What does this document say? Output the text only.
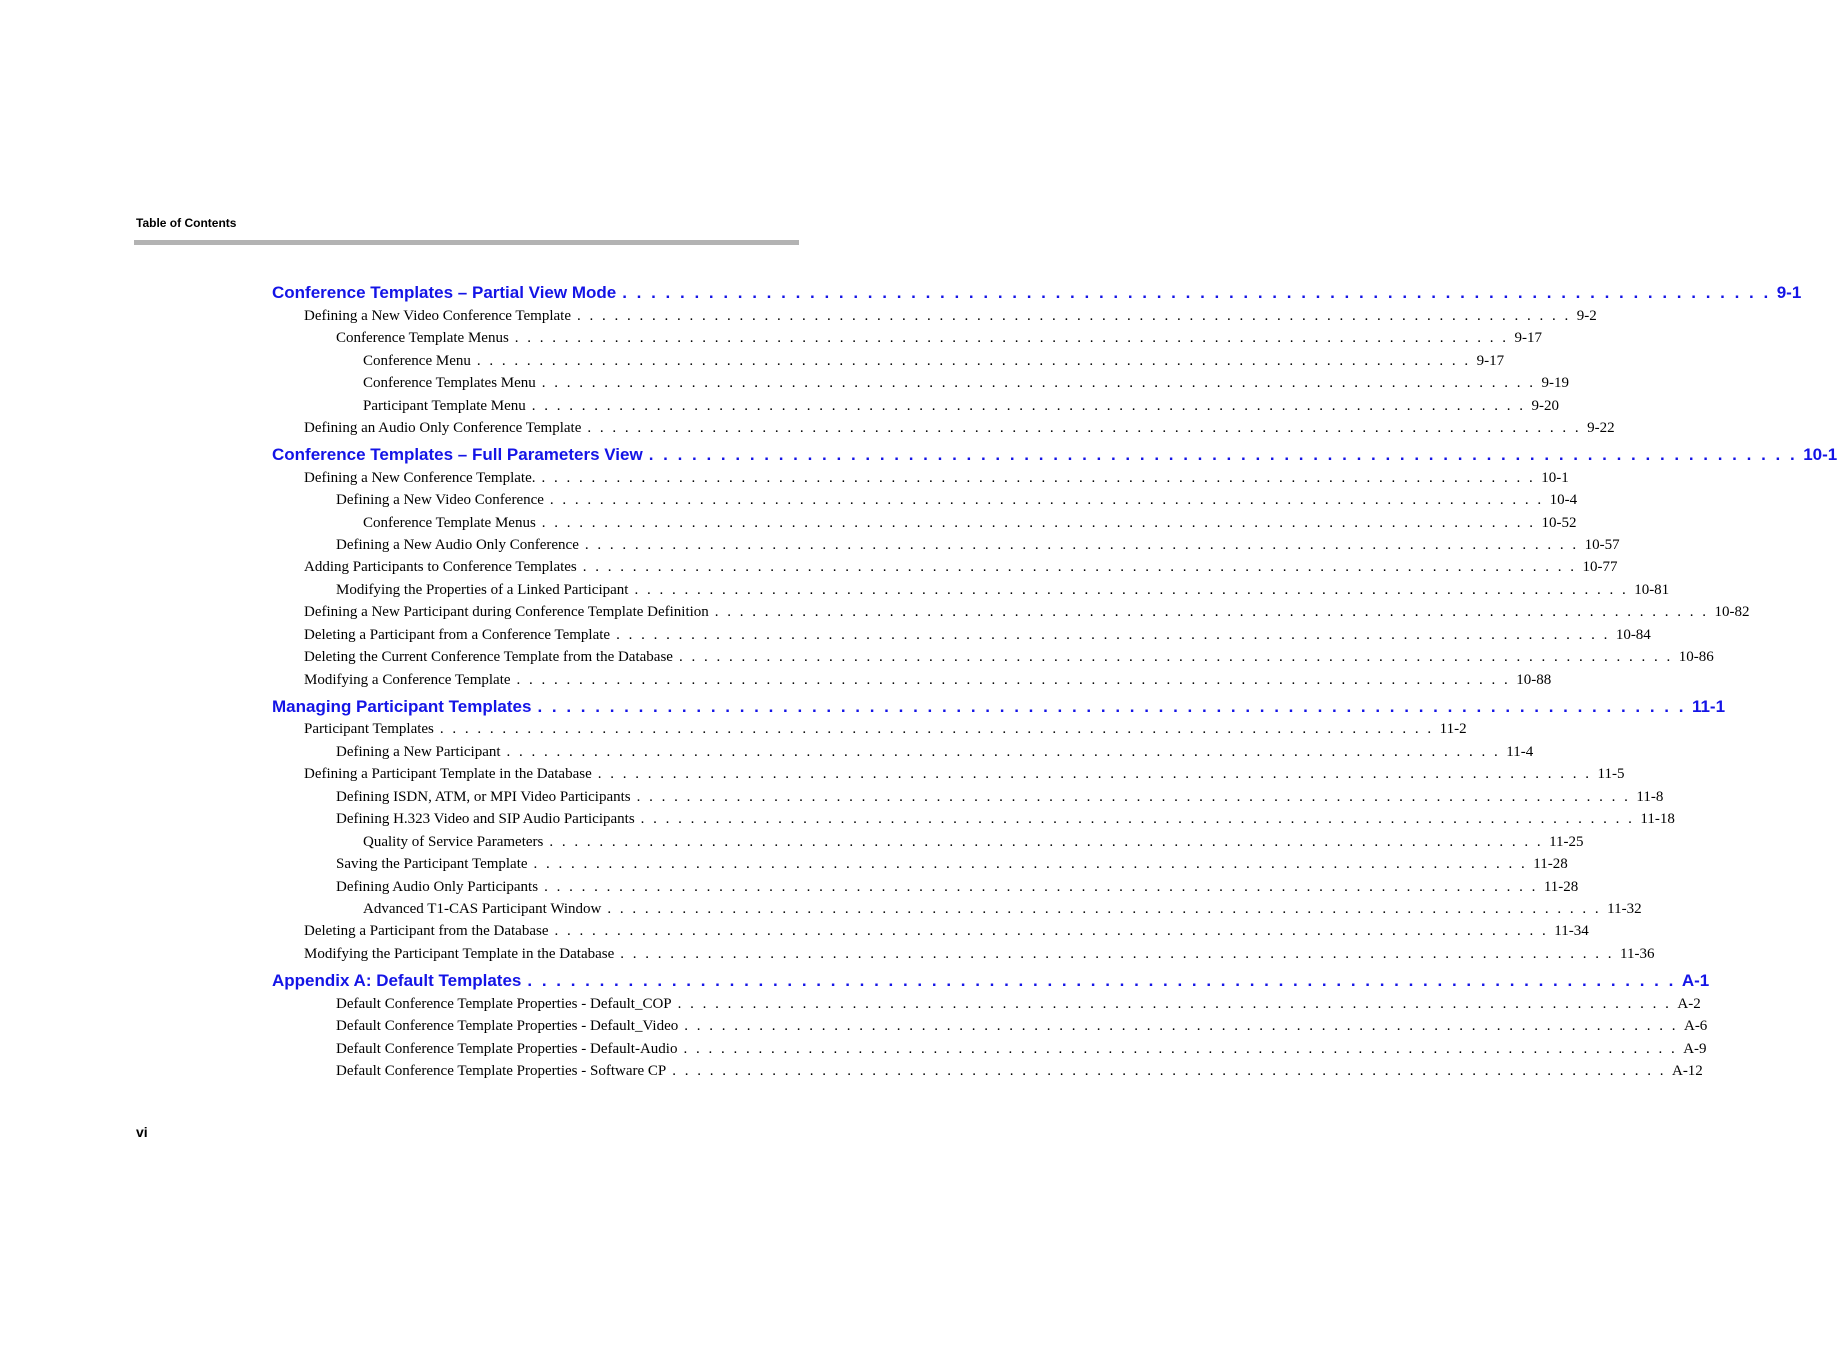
Table of Contents
Conference Templates – Partial View Mode . . . . . . . . . . . . . . . . . . . . . . . . . . . . . . . . . . . . . . . . . . . . . . . . . . . . . . . . . . . . . . . . . . . . . . . . . . . . . . . . 9-1
Defining a New Video Conference Template . . . . . . . . . . . . . . . . . . . . . . . . . . . . . . . . . . . . . . . . . . . . . . . . . . . . . . . . . . . . . . . . . . . . . . . . . . . . . . . . 9-2
Conference Template Menus . . . . . . . . . . . . . . . . . . . . . . . . . . . . . . . . . . . . . . . . . . . . . . . . . . . . . . . . . . . . . . . . . . . . . . . . . . . . . . . . 9-17
Conference Menu . . . . . . . . . . . . . . . . . . . . . . . . . . . . . . . . . . . . . . . . . . . . . . . . . . . . . . . . . . . . . . . . . . . . . . . . . . . . . . . . 9-17
Conference Templates Menu . . . . . . . . . . . . . . . . . . . . . . . . . . . . . . . . . . . . . . . . . . . . . . . . . . . . . . . . . . . . . . . . . . . . . . . . . . . . . . . . 9-19
Participant Template Menu . . . . . . . . . . . . . . . . . . . . . . . . . . . . . . . . . . . . . . . . . . . . . . . . . . . . . . . . . . . . . . . . . . . . . . . . . . . . . . . . 9-20
Defining an Audio Only Conference Template . . . . . . . . . . . . . . . . . . . . . . . . . . . . . . . . . . . . . . . . . . . . . . . . . . . . . . . . . . . . . . . . . . . . . . . . . . . . . . . . 9-22
Conference Templates – Full Parameters View . . . . . . . . . . . . . . . . . . . . . . . . . . . . . . . . . . . . . . . . . . . . . . . . . . . . . . . . . . . . . . . . . . . . . . . . . . . . . . . . 10-1
Defining a New Conference Template. . . . . . . . . . . . . . . . . . . . . . . . . . . . . . . . . . . . . . . . . . . . . . . . . . . . . . . . . . . . . . . . . . . . . . . . . . . . . . . . . 10-1
Defining a New Video Conference . . . . . . . . . . . . . . . . . . . . . . . . . . . . . . . . . . . . . . . . . . . . . . . . . . . . . . . . . . . . . . . . . . . . . . . . . . . . . . . . 10-4
Conference Template Menus . . . . . . . . . . . . . . . . . . . . . . . . . . . . . . . . . . . . . . . . . . . . . . . . . . . . . . . . . . . . . . . . . . . . . . . . . . . . . . . . 10-52
Defining a New Audio Only Conference . . . . . . . . . . . . . . . . . . . . . . . . . . . . . . . . . . . . . . . . . . . . . . . . . . . . . . . . . . . . . . . . . . . . . . . . . . . . . . . . 10-57
Adding Participants to Conference Templates . . . . . . . . . . . . . . . . . . . . . . . . . . . . . . . . . . . . . . . . . . . . . . . . . . . . . . . . . . . . . . . . . . . . . . . . . . . . . . . . 10-77
Modifying the Properties of a Linked Participant . . . . . . . . . . . . . . . . . . . . . . . . . . . . . . . . . . . . . . . . . . . . . . . . . . . . . . . . . . . . . . . . . . . . . . . . . . . . . . . . 10-81
Defining a New Participant during Conference Template Definition . . . . . . . . . . . . . . . . . . . . . . . . . . . . . . . . . . . . . . . . . . . . . . . . . . . . . . . . . . . . . . . . . . . . . . . . . . . . . . . . 10-82
Deleting a Participant from a Conference Template . . . . . . . . . . . . . . . . . . . . . . . . . . . . . . . . . . . . . . . . . . . . . . . . . . . . . . . . . . . . . . . . . . . . . . . . . . . . . . . . 10-84
Deleting the Current Conference Template from the Database . . . . . . . . . . . . . . . . . . . . . . . . . . . . . . . . . . . . . . . . . . . . . . . . . . . . . . . . . . . . . . . . . . . . . . . . . . . . . . . . 10-86
Modifying a Conference Template . . . . . . . . . . . . . . . . . . . . . . . . . . . . . . . . . . . . . . . . . . . . . . . . . . . . . . . . . . . . . . . . . . . . . . . . . . . . . . . . 10-88
Managing Participant Templates . . . . . . . . . . . . . . . . . . . . . . . . . . . . . . . . . . . . . . . . . . . . . . . . . . . . . . . . . . . . . . . . . . . . . . . . . . . . . . . . 11-1
Participant Templates . . . . . . . . . . . . . . . . . . . . . . . . . . . . . . . . . . . . . . . . . . . . . . . . . . . . . . . . . . . . . . . . . . . . . . . . . . . . . . . . 11-2
Defining a New Participant . . . . . . . . . . . . . . . . . . . . . . . . . . . . . . . . . . . . . . . . . . . . . . . . . . . . . . . . . . . . . . . . . . . . . . . . . . . . . . . . 11-4
Defining a Participant Template in the Database . . . . . . . . . . . . . . . . . . . . . . . . . . . . . . . . . . . . . . . . . . . . . . . . . . . . . . . . . . . . . . . . . . . . . . . . . . . . . . . . 11-5
Defining ISDN, ATM, or MPI Video Participants . . . . . . . . . . . . . . . . . . . . . . . . . . . . . . . . . . . . . . . . . . . . . . . . . . . . . . . . . . . . . . . . . . . . . . . . . . . . . . . . 11-8
Defining H.323 Video and SIP Audio Participants . . . . . . . . . . . . . . . . . . . . . . . . . . . . . . . . . . . . . . . . . . . . . . . . . . . . . . . . . . . . . . . . . . . . . . . . . . . . . . . . 11-18
Quality of Service Parameters . . . . . . . . . . . . . . . . . . . . . . . . . . . . . . . . . . . . . . . . . . . . . . . . . . . . . . . . . . . . . . . . . . . . . . . . . . . . . . . . 11-25
Saving the Participant Template . . . . . . . . . . . . . . . . . . . . . . . . . . . . . . . . . . . . . . . . . . . . . . . . . . . . . . . . . . . . . . . . . . . . . . . . . . . . . . . . 11-28
Defining Audio Only Participants . . . . . . . . . . . . . . . . . . . . . . . . . . . . . . . . . . . . . . . . . . . . . . . . . . . . . . . . . . . . . . . . . . . . . . . . . . . . . . . . 11-28
Advanced T1-CAS Participant Window . . . . . . . . . . . . . . . . . . . . . . . . . . . . . . . . . . . . . . . . . . . . . . . . . . . . . . . . . . . . . . . . . . . . . . . . . . . . . . . . 11-32
Deleting a Participant from the Database . . . . . . . . . . . . . . . . . . . . . . . . . . . . . . . . . . . . . . . . . . . . . . . . . . . . . . . . . . . . . . . . . . . . . . . . . . . . . . . . 11-34
Modifying the Participant Template in the Database . . . . . . . . . . . . . . . . . . . . . . . . . . . . . . . . . . . . . . . . . . . . . . . . . . . . . . . . . . . . . . . . . . . . . . . . . . . . . . . . 11-36
Appendix A: Default Templates . . . . . . . . . . . . . . . . . . . . . . . . . . . . . . . . . . . . . . . . . . . . . . . . . . . . . . . . . . . . . . . . . . . . . . . . . . . . . . . . A-1
Default Conference Template Properties - Default_COP . . . . . . . . . . . . . . . . . . . . . . . . . . . . . . . . . . . . . . . . . . . . . . . . . . . . . . . . . . . . . . . . . . . . . . . . . . . . . . . . A-2
Default Conference Template Properties - Default_Video . . . . . . . . . . . . . . . . . . . . . . . . . . . . . . . . . . . . . . . . . . . . . . . . . . . . . . . . . . . . . . . . . . . . . . . . . . . . . . . . A-6
Default Conference Template Properties - Default-Audio . . . . . . . . . . . . . . . . . . . . . . . . . . . . . . . . . . . . . . . . . . . . . . . . . . . . . . . . . . . . . . . . . . . . . . . . . . . . . . . . A-9
Default Conference Template Properties - Software CP . . . . . . . . . . . . . . . . . . . . . . . . . . . . . . . . . . . . . . . . . . . . . . . . . . . . . . . . . . . . . . . . . . . . . . . . . . . . . . . . A-12
vi
